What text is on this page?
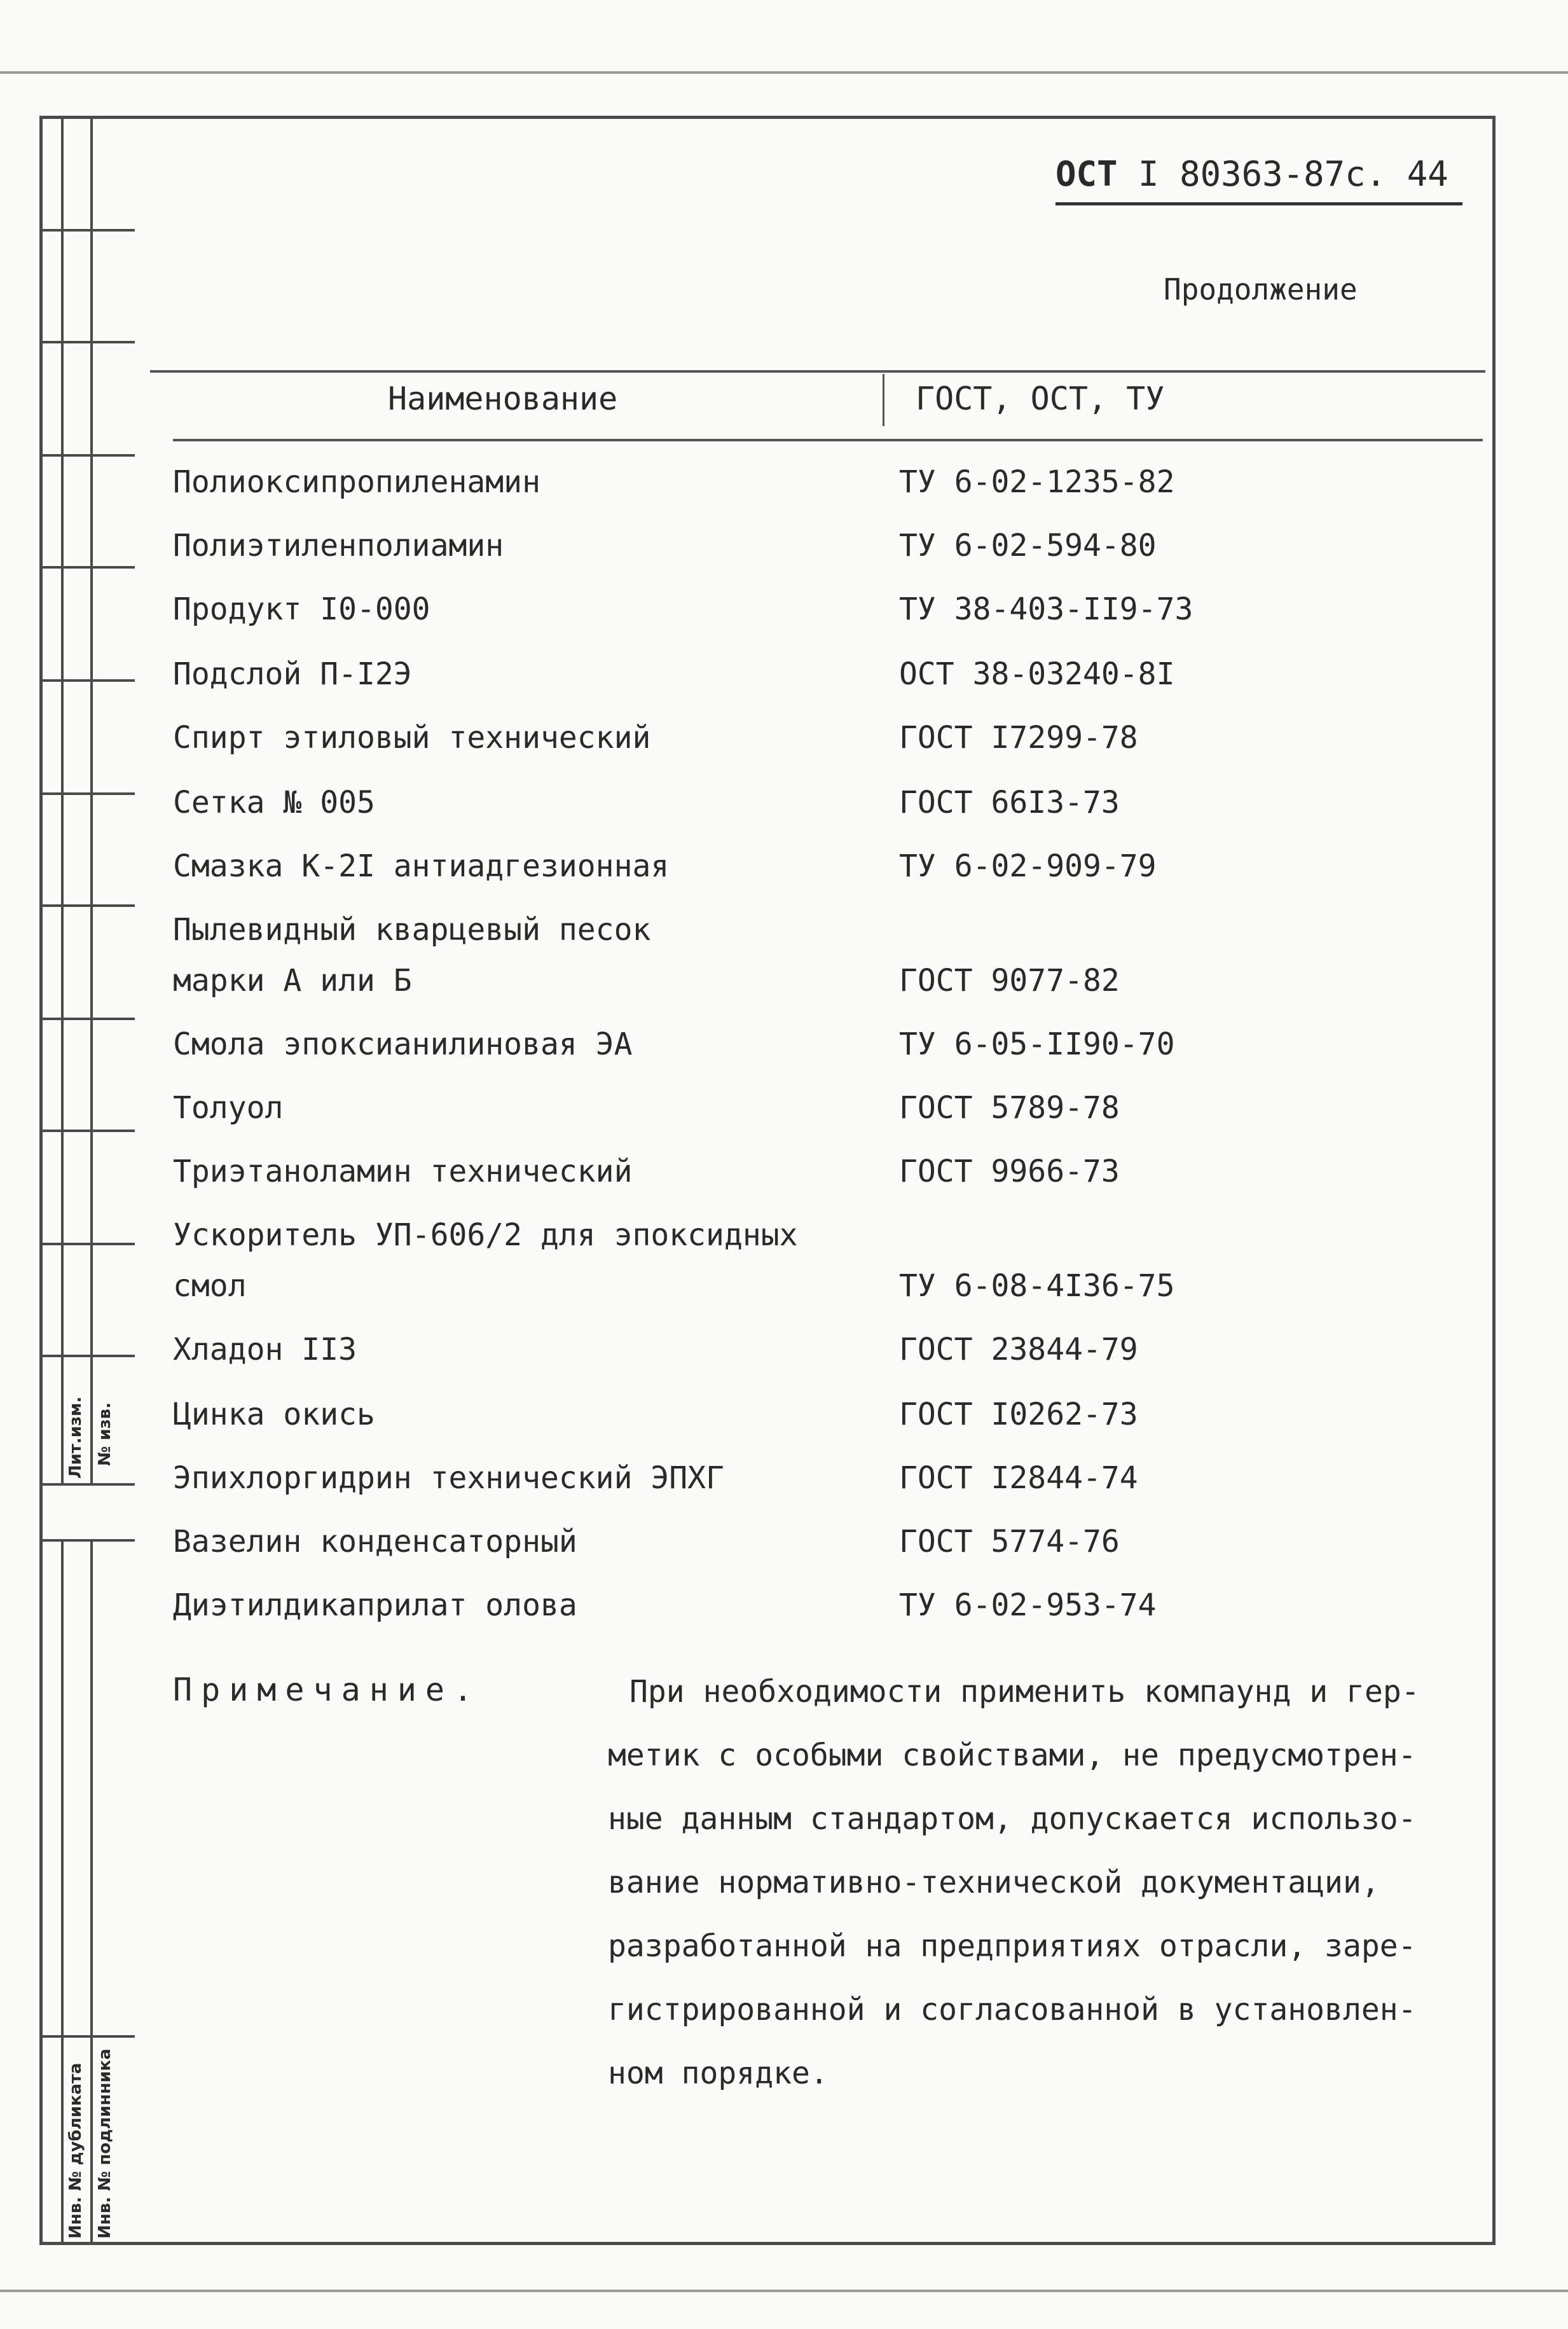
Лит.изм. № изв.
Инв. № дубликата Инв. № подлинника
ОСТ I 80363-87с. 44
Продолжение
Наименование	ГОСТ, ОСТ, ТУ
Полиоксипропиленамин	ТУ 6-02-1235-82
Полиэтиленполиамин	ТУ 6-02-594-80
Продукт I0-000	ТУ 38-403-II9-73
Подслой П-I2Э	ОСТ 38-03240-8I
Спирт этиловый технический	ГОСТ I7299-78
Сетка № 005	ГОСТ 66I3-73
Смазка К-2I антиадгезионная	ТУ 6-02-909-79
Пылевидный кварцевый песок
марки А или Б	ГОСТ 9077-82
Смола эпоксианилиновая ЭА	ТУ 6-05-II90-70
Толуол	ГОСТ 5789-78
Триэтаноламин технический	ГОСТ 9966-73
Ускоритель УП-606/2 для эпоксидных
смол	ТУ 6-08-4I36-75
Хладон II3	ГОСТ 23844-79
Цинка окись	ГОСТ I0262-73
Эпихлоргидрин технический ЭПХГ	ГОСТ I2844-74
Вазелин конденсаторный	ГОСТ 5774-76
Диэтилдикаприлат олова	ТУ 6-02-953-74
Примечание.	При необходимости применить компаунд и гер-
метик с особыми свойствами, не предусмотрен-
ные данным стандартом, допускается использо-
вание нормативно-технической документации,
разработанной на предприятиях отрасли, заре-
гистрированной и согласованной в установлен-
ном порядке.
